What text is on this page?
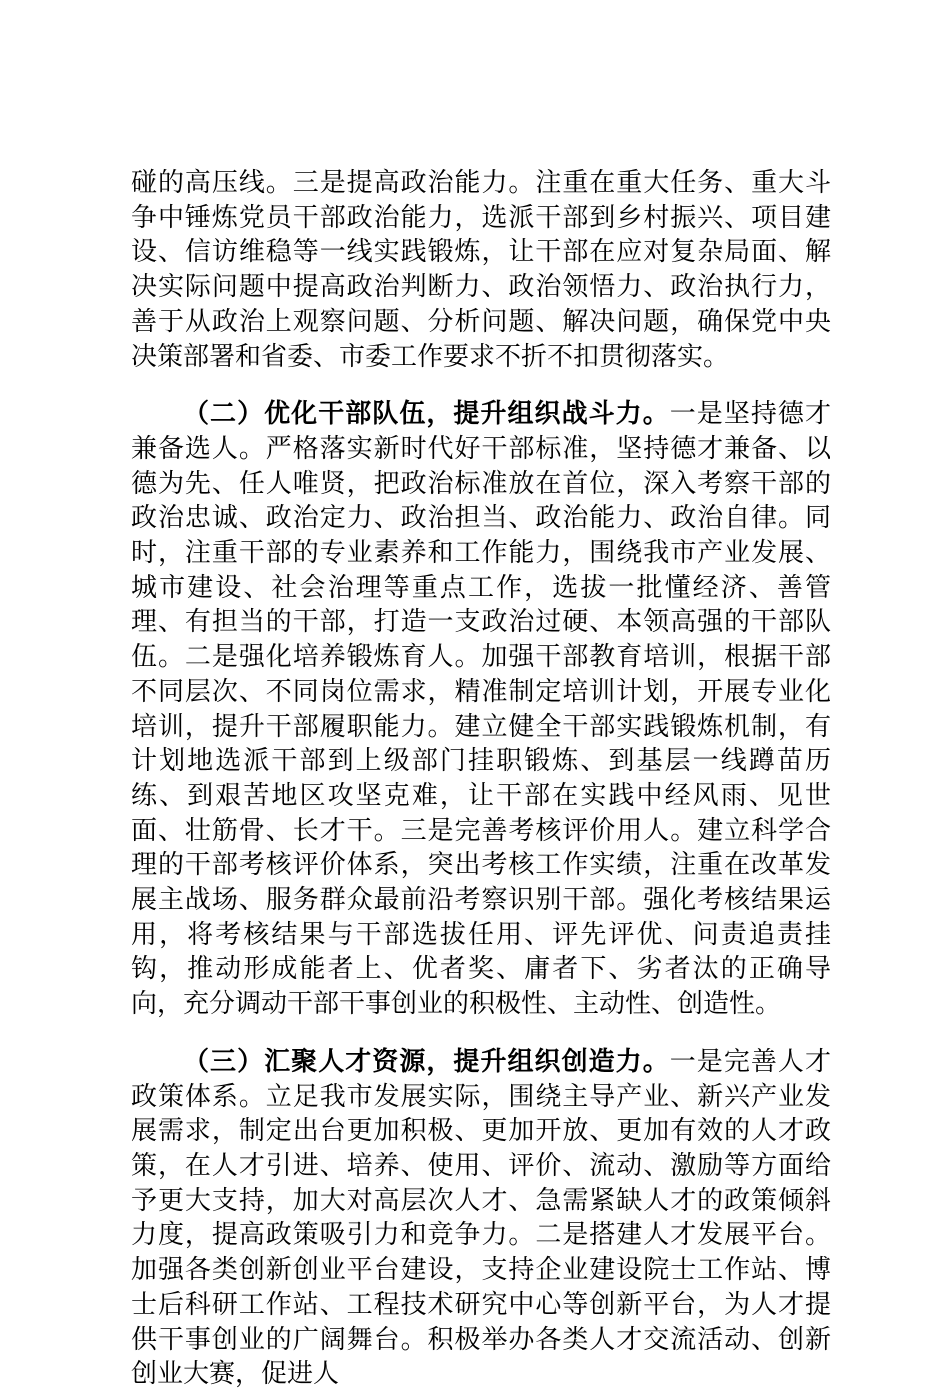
碰的高压线。三是提高政治能力。注重在重大任务、重大斗争中锤炼党员干部政治能力，选派干部到乡村振兴、项目建设、信访维稳等一线实践锻炼，让干部在应对复杂局面、解决实际问题中提高政治判断力、政治领悟力、政治执行力，善于从政治上观察问题、分析问题、解决问题，确保党中央决策部署和省委、市委工作要求不折不扣贯彻落实。

（二）优化干部队伍，提升组织战斗力。一是坚持德才兼备选人。严格落实新时代好干部标准，坚持德才兼备、以德为先、任人唯贤，把政治标准放在首位，深入考察干部的政治忠诚、政治定力、政治担当、政治能力、政治自律。同时，注重干部的专业素养和工作能力，围绕我市产业发展、城市建设、社会治理等重点工作，选拔一批懂经济、善管理、有担当的干部，打造一支政治过硬、本领高强的干部队伍。二是强化培养锻炼育人。加强干部教育培训，根据干部不同层次、不同岗位需求，精准制定培训计划，开展专业化培训，提升干部履职能力。建立健全干部实践锻炼机制，有计划地选派干部到上级部门挂职锻炼、到基层一线蹲苗历练、到艰苦地区攻坚克难，让干部在实践中经风雨、见世面、壮筋骨、长才干。三是完善考核评价用人。建立科学合理的干部考核评价体系，突出考核工作实绩，注重在改革发展主战场、服务群众最前沿考察识别干部。强化考核结果运用，将考核结果与干部选拔任用、评先评优、问责追责挂钩，推动形成能者上、优者奖、庸者下、劣者汰的正确导向，充分调动干部干事创业的积极性、主动性、创造性。

（三）汇聚人才资源，提升组织创造力。一是完善人才政策体系。立足我市发展实际，围绕主导产业、新兴产业发展需求，制定出台更加积极、更加开放、更加有效的人才政策，在人才引进、培养、使用、评价、流动、激励等方面给予更大支持，加大对高层次人才、急需紧缺人才的政策倾斜力度，提高政策吸引力和竞争力。二是搭建人才发展平台。加强各类创新创业平台建设，支持企业建设院士工作站、博士后科研工作站、工程技术研究中心等创新平台，为人才提供干事创业的广阔舞台。积极举办各类人才交流活动、创新创业大赛，促进人
